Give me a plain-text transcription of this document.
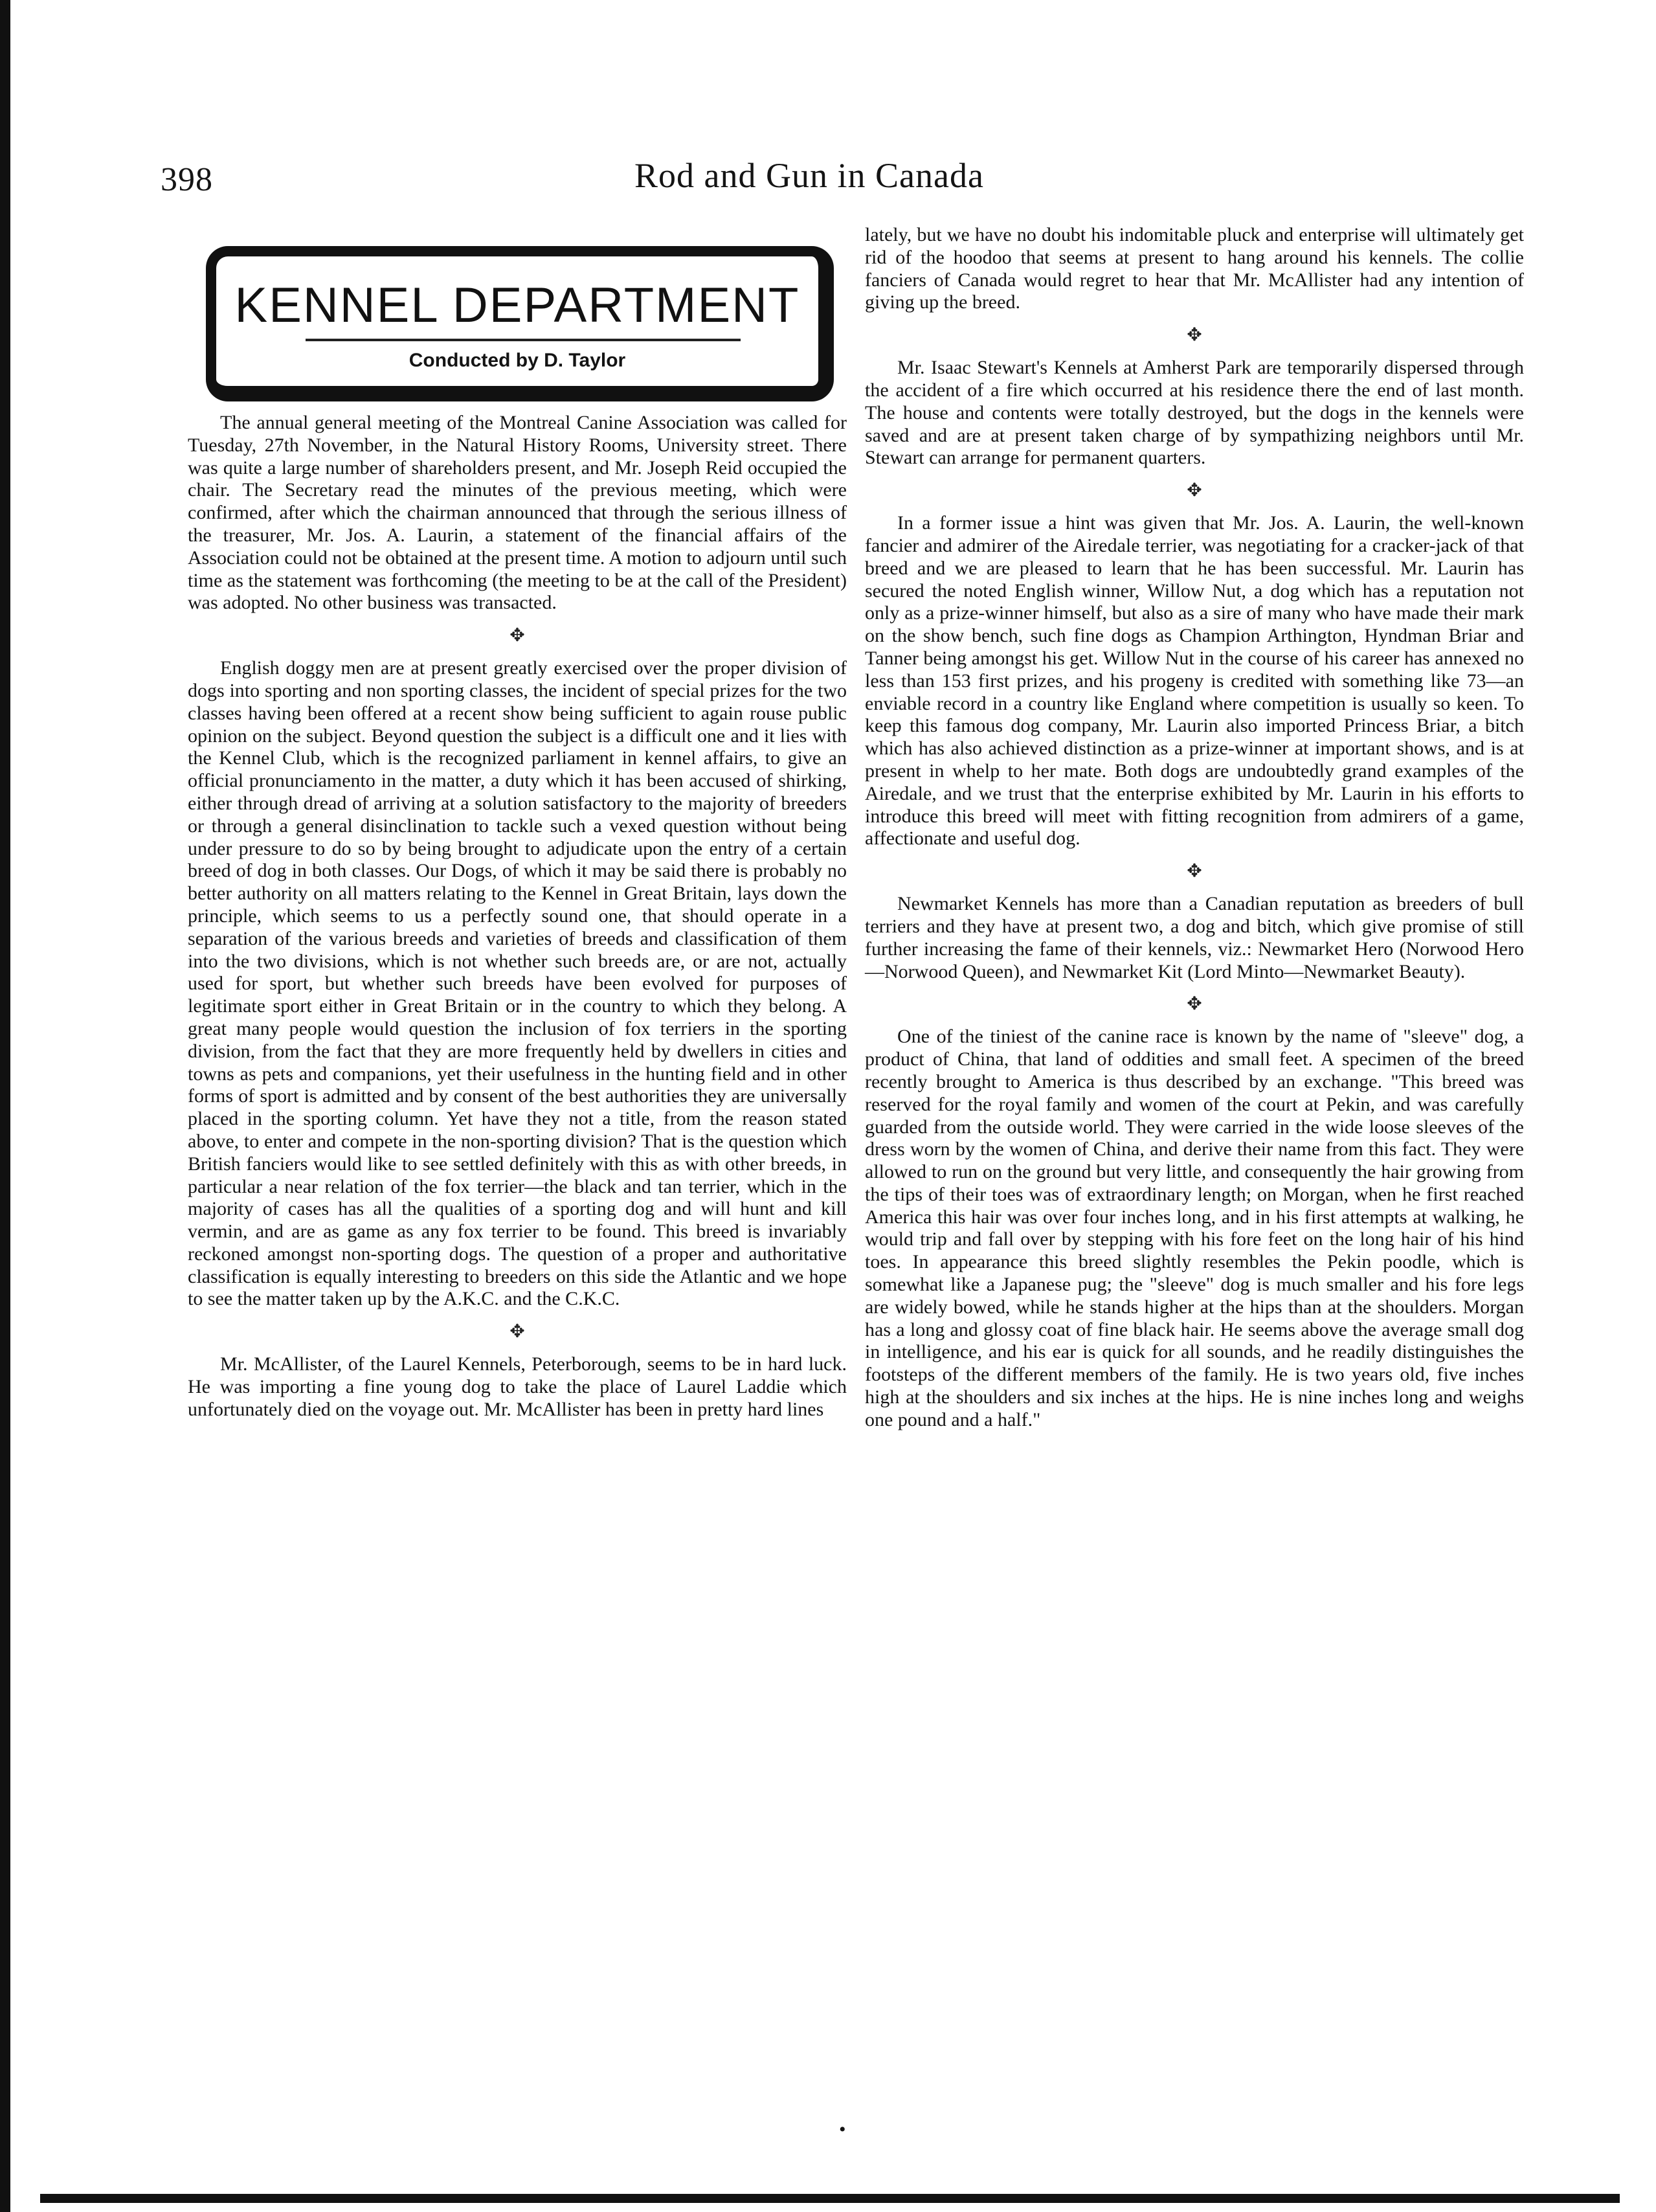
398	Rod and Gun in Canada
KENNEL DEPARTMENT
Conducted by D. Taylor

The annual general meeting of the Montreal Canine Association was called for Tuesday, 27th November, in the Natural History Rooms, University street. There was quite a large number of shareholders present, and Mr. Joseph Reid occupied the chair. The Secretary read the minutes of the previous meeting, which were confirmed, after which the chairman announced that through the serious illness of the treasurer, Mr. Jos. A. Laurin, a statement of the financial affairs of the Association could not be obtained at the present time. A motion to adjourn until such time as the statement was forthcoming (the meeting to be at the call of the President) was adopted. No other business was transacted.

✥

English doggy men are at present greatly exercised over the proper division of dogs into sporting and non sporting classes, the incident of special prizes for the two classes having been offered at a recent show being sufficient to again rouse public opinion on the subject. Beyond question the subject is a difficult one and it lies with the Kennel Club, which is the recognized parliament in kennel affairs, to give an official pronunciamento in the matter, a duty which it has been accused of shirking, either through dread of arriving at a solution satisfactory to the majority of breeders or through a general disinclination to tackle such a vexed question without being under pressure to do so by being brought to adjudicate upon the entry of a certain breed of dog in both classes. Our Dogs, of which it may be said there is probably no better authority on all matters relating to the Kennel in Great Britain, lays down the principle, which seems to us a perfectly sound one, that should operate in a separation of the various breeds and varieties of breeds and classification of them into the two divisions, which is not whether such breeds are, or are not, actually used for sport, but whether such breeds have been evolved for purposes of legitimate sport either in Great Britain or in the country to which they belong. A great many people would question the inclusion of fox terriers in the sporting division, from the fact that they are more frequently held by dwellers in cities and towns as pets and companions, yet their usefulness in the hunting field and in other forms of sport is admitted and by consent of the best authorities they are universally placed in the sporting column. Yet have they not a title, from the reason stated above, to enter and compete in the non-sporting division? That is the question which British fanciers would like to see settled definitely with this as with other breeds, in particular a near relation of the fox terrier—the black and tan terrier, which in the majority of cases has all the qualities of a sporting dog and will hunt and kill vermin, and are as game as any fox terrier to be found. This breed is invariably reckoned amongst non-sporting dogs. The question of a proper and authoritative classification is equally interesting to breeders on this side the Atlantic and we hope to see the matter taken up by the A.K.C. and the C.K.C.

✥

Mr. McAllister, of the Laurel Kennels, Peterborough, seems to be in hard luck. He was importing a fine young dog to take the place of Laurel Laddie which unfortunately died on the voyage out. Mr. McAllister has been in pretty hard lines

lately, but we have no doubt his indomitable pluck and enterprise will ultimately get rid of the hoodoo that seems at present to hang around his kennels. The collie fanciers of Canada would regret to hear that Mr. McAllister had any intention of giving up the breed.

✥

Mr. Isaac Stewart's Kennels at Amherst Park are temporarily dispersed through the accident of a fire which occurred at his residence there the end of last month. The house and contents were totally destroyed, but the dogs in the kennels were saved and are at present taken charge of by sympathizing neighbors until Mr. Stewart can arrange for permanent quarters.

✥

In a former issue a hint was given that Mr. Jos. A. Laurin, the well-known fancier and admirer of the Airedale terrier, was negotiating for a cracker-jack of that breed and we are pleased to learn that he has been successful. Mr. Laurin has secured the noted English winner, Willow Nut, a dog which has a reputation not only as a prize-winner himself, but also as a sire of many who have made their mark on the show bench, such fine dogs as Champion Arthington, Hyndman Briar and Tanner being amongst his get. Willow Nut in the course of his career has annexed no less than 153 first prizes, and his progeny is credited with something like 73—an enviable record in a country like England where competition is usually so keen. To keep this famous dog company, Mr. Laurin also imported Princess Briar, a bitch which has also achieved distinction as a prize-winner at important shows, and is at present in whelp to her mate. Both dogs are undoubtedly grand examples of the Airedale, and we trust that the enterprise exhibited by Mr. Laurin in his efforts to introduce this breed will meet with fitting recognition from admirers of a game, affectionate and useful dog.

✥

Newmarket Kennels has more than a Canadian reputation as breeders of bull terriers and they have at present two, a dog and bitch, which give promise of still further increasing the fame of their kennels, viz.: Newmarket Hero (Norwood Hero—Norwood Queen), and Newmarket Kit (Lord Minto—Newmarket Beauty).

✥

One of the tiniest of the canine race is known by the name of "sleeve" dog, a product of China, that land of oddities and small feet. A specimen of the breed recently brought to America is thus described by an exchange. "This breed was reserved for the royal family and women of the court at Pekin, and was carefully guarded from the outside world. They were carried in the wide loose sleeves of the dress worn by the women of China, and derive their name from this fact. They were allowed to run on the ground but very little, and consequently the hair growing from the tips of their toes was of extraordinary length; on Morgan, when he first reached America this hair was over four inches long, and in his first attempts at walking, he would trip and fall over by stepping with his fore feet on the long hair of his hind toes. In appearance this breed slightly resembles the Pekin poodle, which is somewhat like a Japanese pug; the "sleeve" dog is much smaller and his fore legs are widely bowed, while he stands higher at the hips than at the shoulders. Morgan has a long and glossy coat of fine black hair. He seems above the average small dog in intelligence, and his ear is quick for all sounds, and he readily distinguishes the footsteps of the different members of the family. He is two years old, five inches high at the shoulders and six inches at the hips. He is nine inches long and weighs one pound and a half."

•
